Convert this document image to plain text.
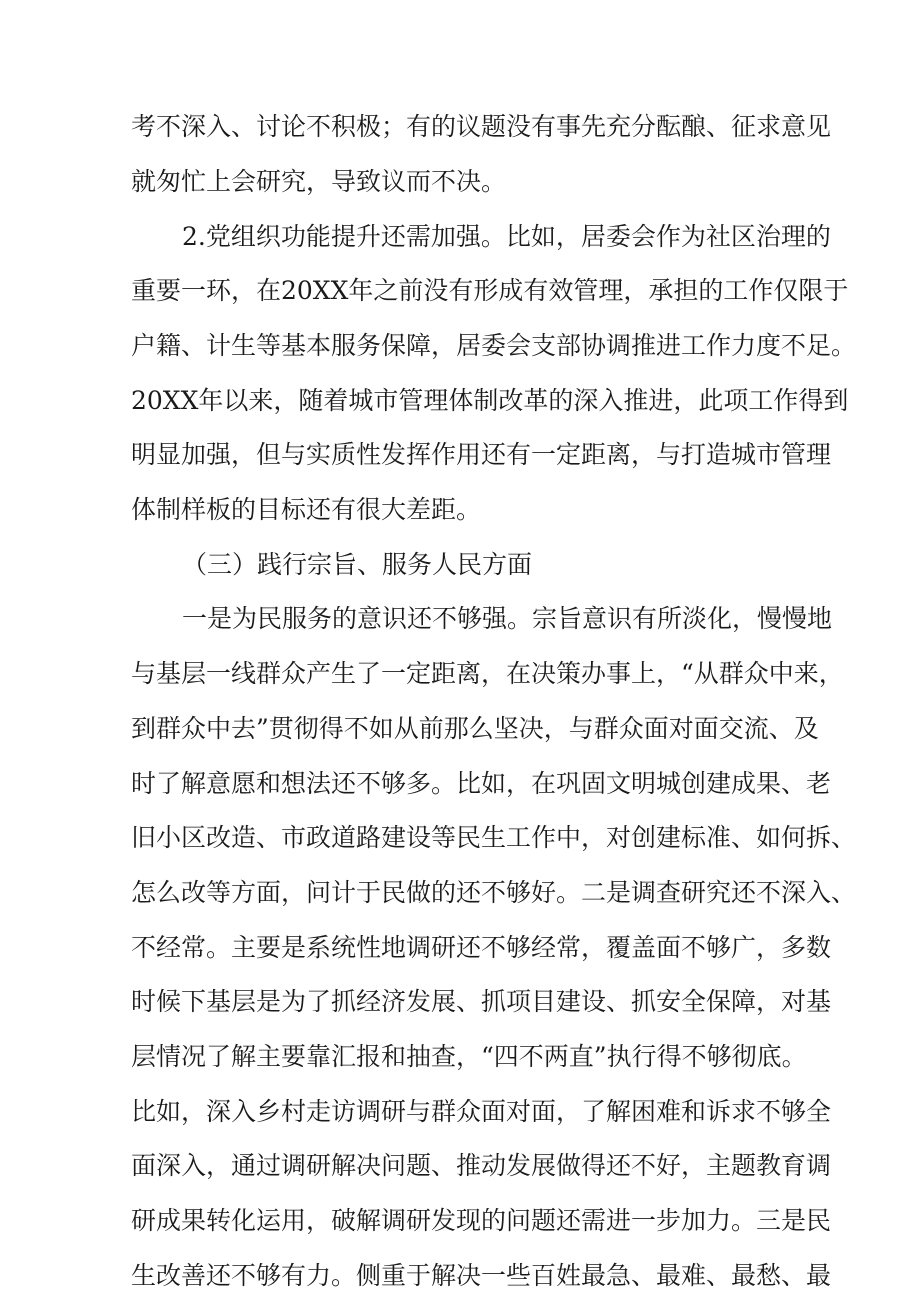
考不深入、讨论不积极；有的议题没有事先充分酝酿、征求意见
就匆忙上会研究，导致议而不决。
2.党组织功能提升还需加强。比如，居委会作为社区治理的
重要一环，在20XX年之前没有形成有效管理，承担的工作仅限于
户籍、计生等基本服务保障，居委会支部协调推进工作力度不足。
20XX年以来，随着城市管理体制改革的深入推进，此项工作得到
明显加强，但与实质性发挥作用还有一定距离，与打造城市管理
体制样板的目标还有很大差距。
（三）践行宗旨、服务人民方面
一是为民服务的意识还不够强。宗旨意识有所淡化，慢慢地
与基层一线群众产生了一定距离，在决策办事上，“从群众中来，
到群众中去”贯彻得不如从前那么坚决，与群众面对面交流、及
时了解意愿和想法还不够多。比如，在巩固文明城创建成果、老
旧小区改造、市政道路建设等民生工作中，对创建标准、如何拆、
怎么改等方面，问计于民做的还不够好。二是调查研究还不深入、
不经常。主要是系统性地调研还不够经常，覆盖面不够广，多数
时候下基层是为了抓经济发展、抓项目建设、抓安全保障，对基
层情况了解主要靠汇报和抽查，“四不两直”执行得不够彻底。
比如，深入乡村走访调研与群众面对面，了解困难和诉求不够全
面深入，通过调研解决问题、推动发展做得还不好，主题教育调
研成果转化运用，破解调研发现的问题还需进一步加力。三是民
生改善还不够有力。侧重于解决一些百姓最急、最难、最愁、最
